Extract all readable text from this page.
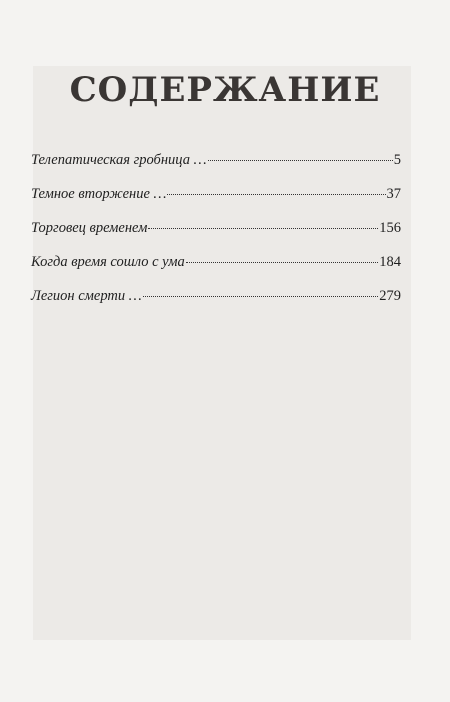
СОДЕРЖАНИЕ
Телепатическая гробница …	5
Темное вторжение …	37
Торговец временем	156
Когда время сошло с ума	184
Легион смерти …	279
